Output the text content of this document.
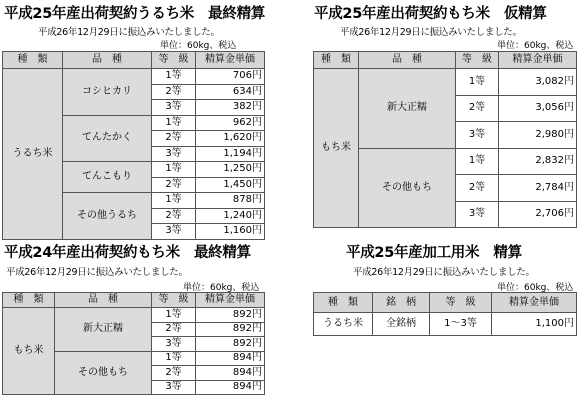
平成25年産出荷契約うるち米　最終精算
平成26年12月29日に振込みいたしました。
単位：60kg、税込
種　類	品　種	等　級	精算金単価
うるち米	コシヒカリ	1等	706円
		2等	634円
		3等	382円
	てんたかく	1等	962円
		2等	1,620円
		3等	1,194円
	てんこもり	1等	1,250円
		2等	1,450円
	その他うるち	1等	878円
		2等	1,240円
		3等	1,160円
平成25年産出荷契約もち米　仮精算
平成26年12月29日に振込みいたしました。
単位：60kg、税込
種　類	品　種	等　級	精算金単価
もち米	新大正糯	1等	3,082円
		2等	3,056円
		3等	2,980円
	その他もち	1等	2,832円
		2等	2,784円
		3等	2,706円
平成24年産出荷契約もち米　最終精算
平成26年12月29日に振込みいたしました。
単位：60kg、税込
種　類	品　種	等　級	精算金単価
もち米	新大正糯	1等	892円
		2等	892円
		3等	892円
	その他もち	1等	894円
		2等	894円
		3等	894円
平成25年産加工用米　精算
平成26年12月29日に振込みいたしました。
単位：60kg、税込
種　類	銘　柄	等　級	精算金単価
うるち米	全銘柄	1～3等	1,100円
